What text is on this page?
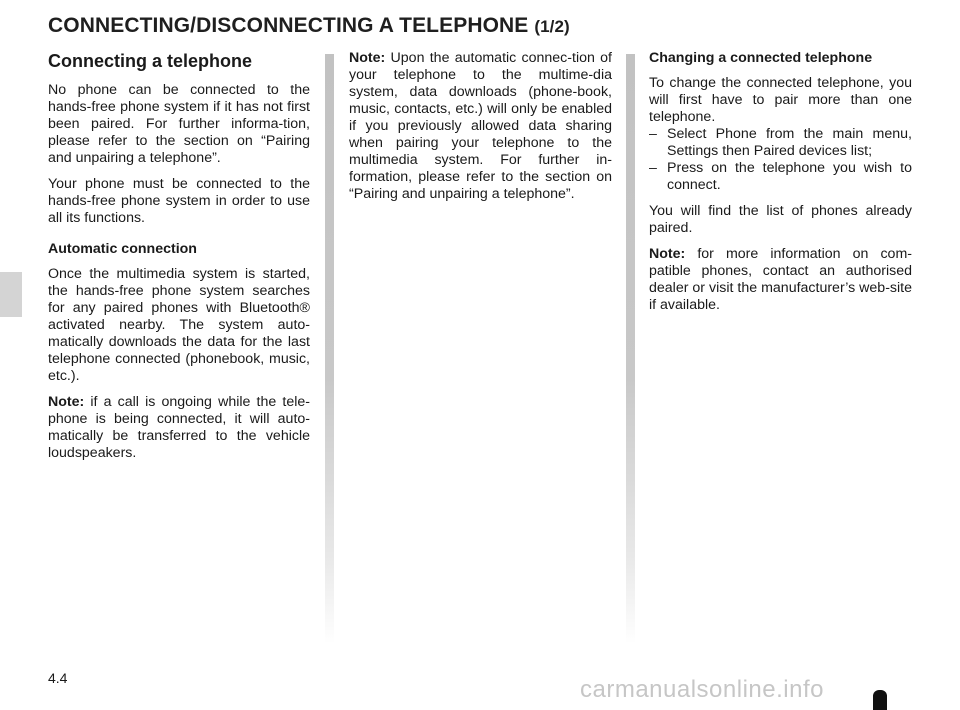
CONNECTING/DISCONNECTING A TELEPHONE (1/2)
Connecting a telephone

No phone can be connected to the hands-free phone system if it has not first been paired. For further informa-tion, please refer to the section on “Pairing and unpairing a telephone”.

Your phone must be connected to the hands-free phone system in order to use all its functions.

Automatic connection

Once the multimedia system is started, the hands-free phone system searches for any paired phones with Bluetooth® activated nearby. The system auto-matically downloads the data for the last telephone connected (phonebook, music, etc.).

Note: if a call is ongoing while the tele-phone is being connected, it will auto-matically be transferred to the vehicle loudspeakers.

Note: Upon the automatic connec-tion of your telephone to the multime-dia system, data downloads (phone-book, music, contacts, etc.) will only be enabled if you previously allowed data sharing when pairing your telephone to the multimedia system. For further in-formation, please refer to the section on “Pairing and unpairing a telephone”.

Changing a connected telephone

To change the connected telephone, you will first have to pair more than one telephone.

– Select Phone from the main menu, Settings then Paired devices list;
– Press on the telephone you wish to connect.

You will find the list of phones already paired.

Note: for more information on com-patible phones, contact an authorised dealer or visit the manufacturer’s web-site if available.

4.4	carmanualsonline.info
